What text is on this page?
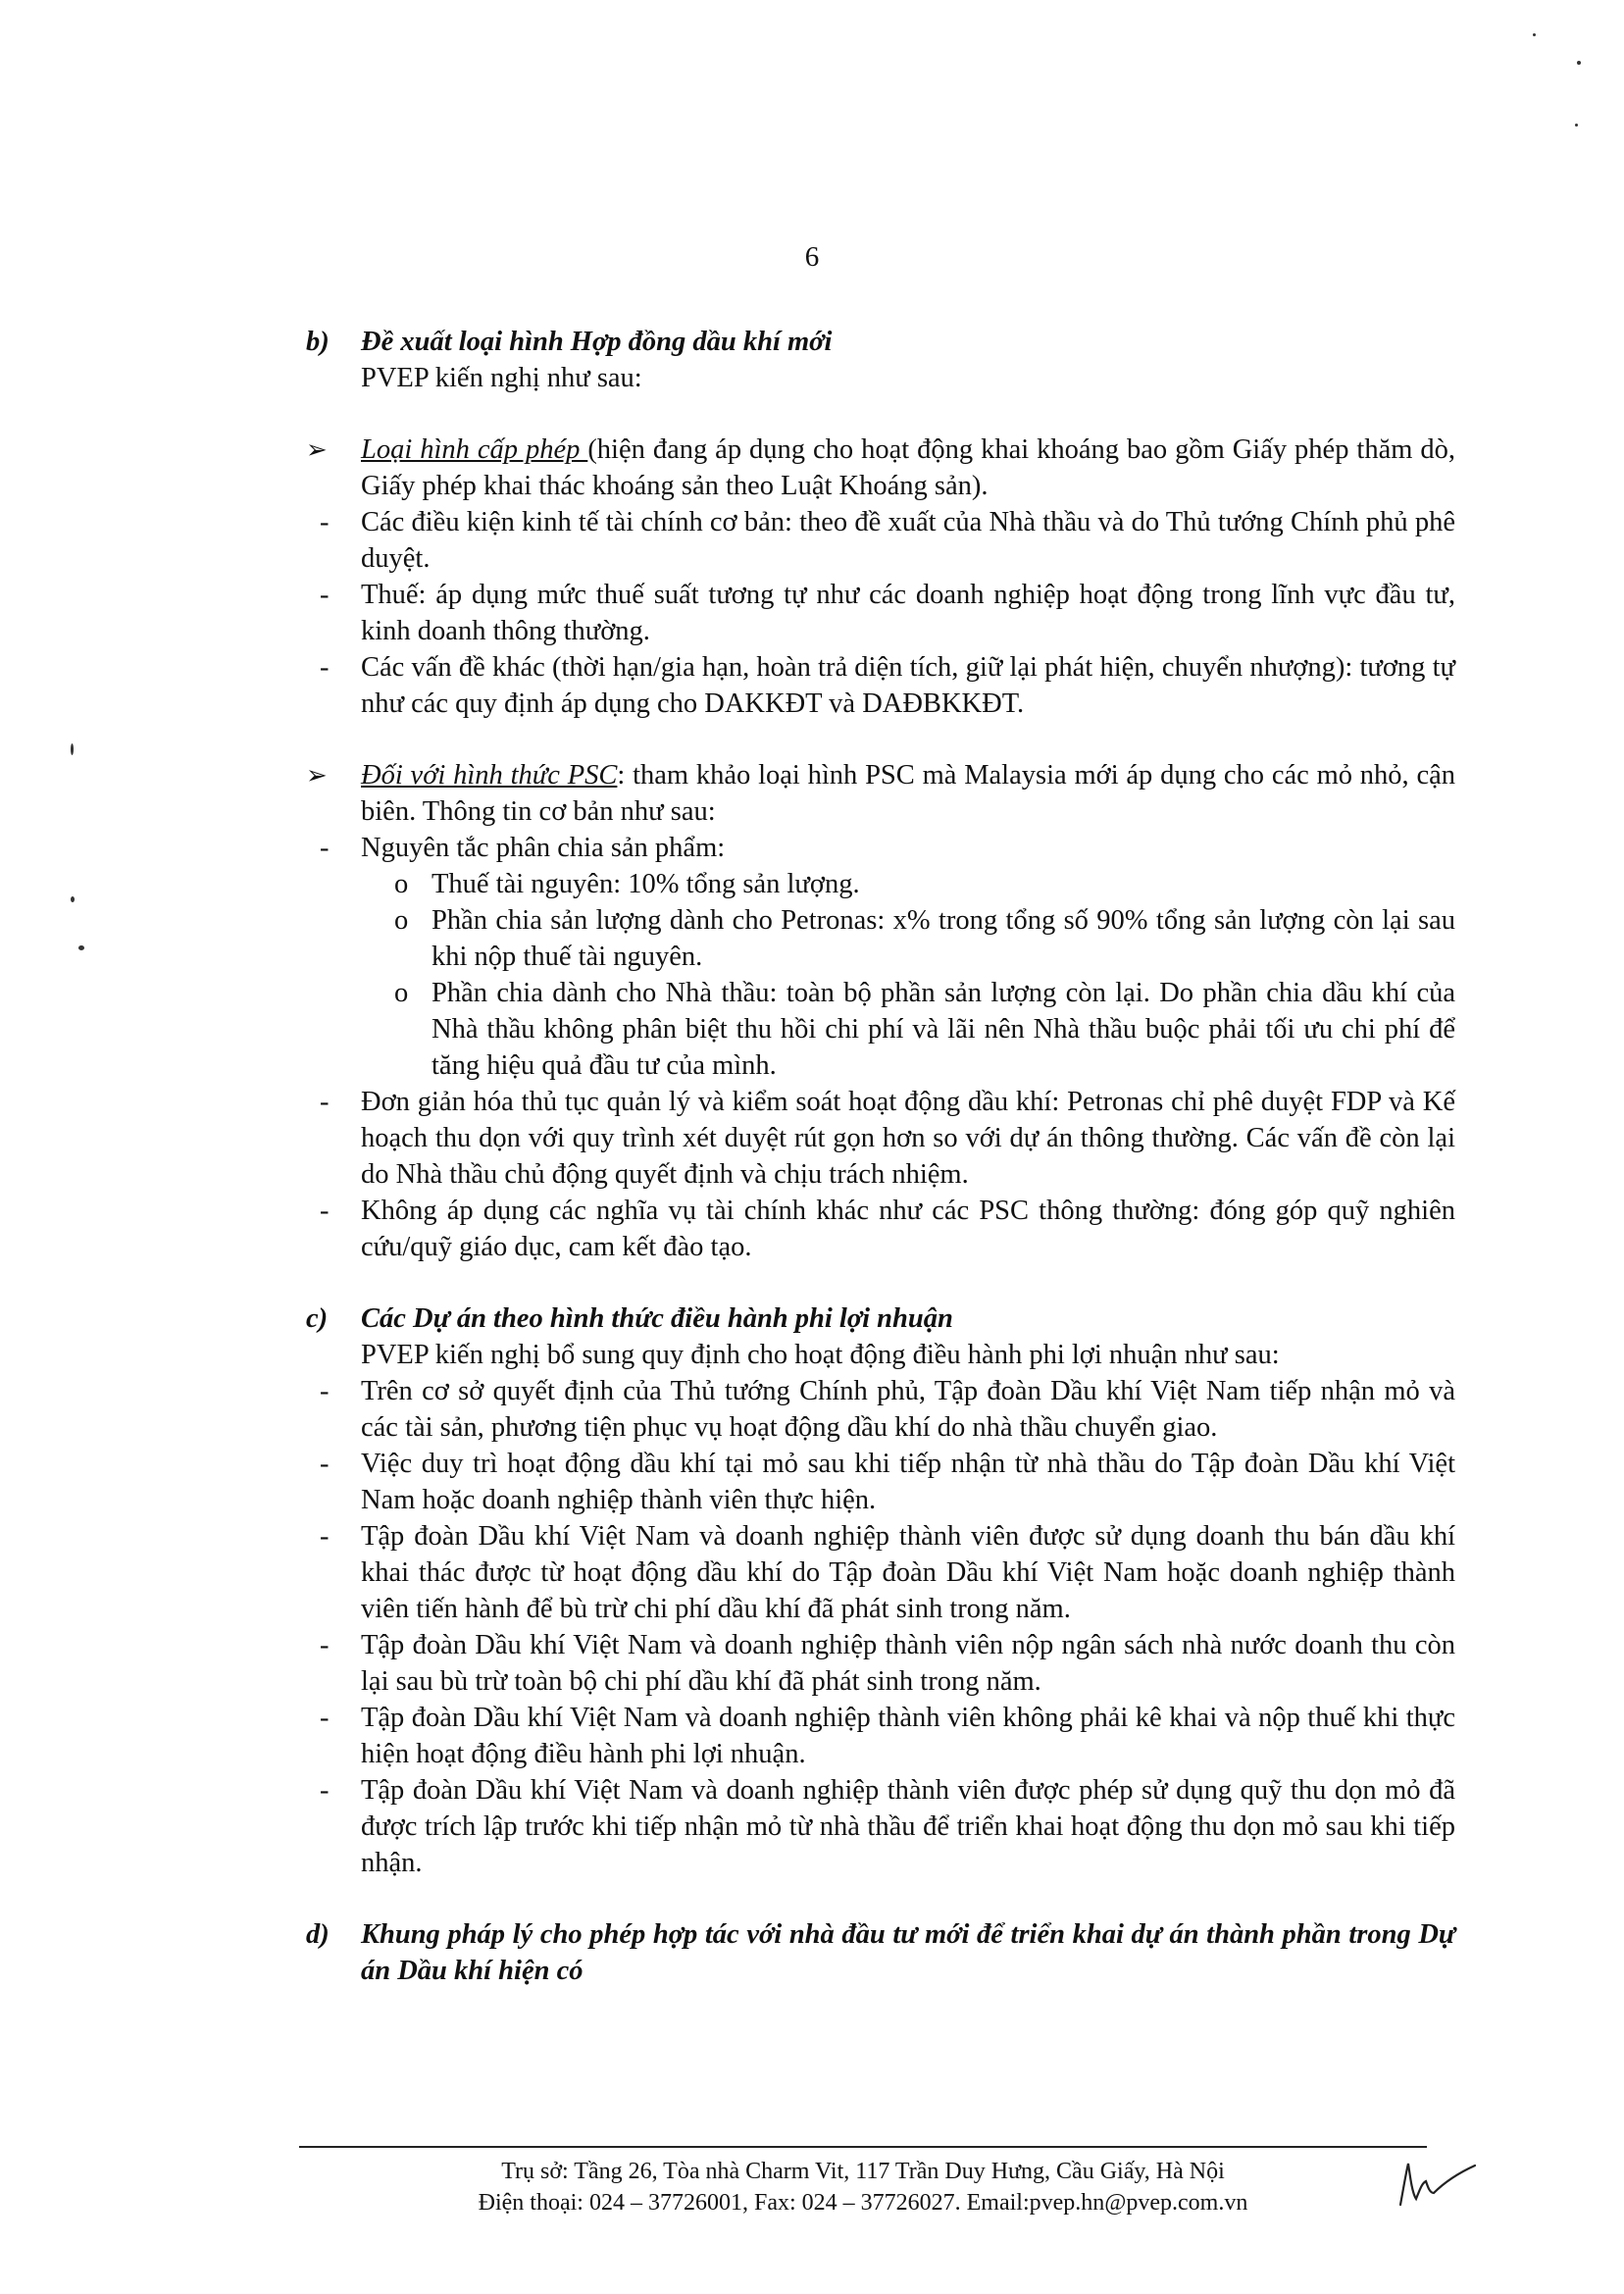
6
b) Đề xuất loại hình Hợp đồng dầu khí mới
PVEP kiến nghị như sau:
➢ Loại hình cấp phép (hiện đang áp dụng cho hoạt động khai khoáng bao gồm Giấy phép thăm dò, Giấy phép khai thác khoáng sản theo Luật Khoáng sản).
- Các điều kiện kinh tế tài chính cơ bản: theo đề xuất của Nhà thầu và do Thủ tướng Chính phủ phê duyệt.
- Thuế: áp dụng mức thuế suất tương tự như các doanh nghiệp hoạt động trong lĩnh vực đầu tư, kinh doanh thông thường.
- Các vấn đề khác (thời hạn/gia hạn, hoàn trả diện tích, giữ lại phát hiện, chuyển nhượng): tương tự như các quy định áp dụng cho DAKKĐT và DAĐBKKĐT.
➢ Đối với hình thức PSC: tham khảo loại hình PSC mà Malaysia mới áp dụng cho các mỏ nhỏ, cận biên. Thông tin cơ bản như sau:
- Nguyên tắc phân chia sản phẩm:
o Thuế tài nguyên: 10% tổng sản lượng.
o Phần chia sản lượng dành cho Petronas: x% trong tổng số 90% tổng sản lượng còn lại sau khi nộp thuế tài nguyên.
o Phần chia dành cho Nhà thầu: toàn bộ phần sản lượng còn lại. Do phần chia dầu khí của Nhà thầu không phân biệt thu hồi chi phí và lãi nên Nhà thầu buộc phải tối ưu chi phí để tăng hiệu quả đầu tư của mình.
- Đơn giản hóa thủ tục quản lý và kiểm soát hoạt động dầu khí: Petronas chỉ phê duyệt FDP và Kế hoạch thu dọn với quy trình xét duyệt rút gọn hơn so với dự án thông thường. Các vấn đề còn lại do Nhà thầu chủ động quyết định và chịu trách nhiệm.
- Không áp dụng các nghĩa vụ tài chính khác như các PSC thông thường: đóng góp quỹ nghiên cứu/quỹ giáo dục, cam kết đào tạo.
c) Các Dự án theo hình thức điều hành phi lợi nhuận
PVEP kiến nghị bổ sung quy định cho hoạt động điều hành phi lợi nhuận như sau:
- Trên cơ sở quyết định của Thủ tướng Chính phủ, Tập đoàn Dầu khí Việt Nam tiếp nhận mỏ và các tài sản, phương tiện phục vụ hoạt động dầu khí do nhà thầu chuyển giao.
- Việc duy trì hoạt động dầu khí tại mỏ sau khi tiếp nhận từ nhà thầu do Tập đoàn Dầu khí Việt Nam hoặc doanh nghiệp thành viên thực hiện.
- Tập đoàn Dầu khí Việt Nam và doanh nghiệp thành viên được sử dụng doanh thu bán dầu khí khai thác được từ hoạt động dầu khí do Tập đoàn Dầu khí Việt Nam hoặc doanh nghiệp thành viên tiến hành để bù trừ chi phí dầu khí đã phát sinh trong năm.
- Tập đoàn Dầu khí Việt Nam và doanh nghiệp thành viên nộp ngân sách nhà nước doanh thu còn lại sau bù trừ toàn bộ chi phí dầu khí đã phát sinh trong năm.
- Tập đoàn Dầu khí Việt Nam và doanh nghiệp thành viên không phải kê khai và nộp thuế khi thực hiện hoạt động điều hành phi lợi nhuận.
- Tập đoàn Dầu khí Việt Nam và doanh nghiệp thành viên được phép sử dụng quỹ thu dọn mỏ đã được trích lập trước khi tiếp nhận mỏ từ nhà thầu để triển khai hoạt động thu dọn mỏ sau khi tiếp nhận.
d) Khung pháp lý cho phép hợp tác với nhà đầu tư mới để triển khai dự án thành phần trong Dự án Dầu khí hiện có
Trụ sở: Tầng 26, Tòa nhà Charm Vit, 117 Trần Duy Hưng, Cầu Giấy, Hà Nội
Điện thoại: 024 – 37726001, Fax: 024 – 37726027. Email:pvep.hn@pvep.com.vn
